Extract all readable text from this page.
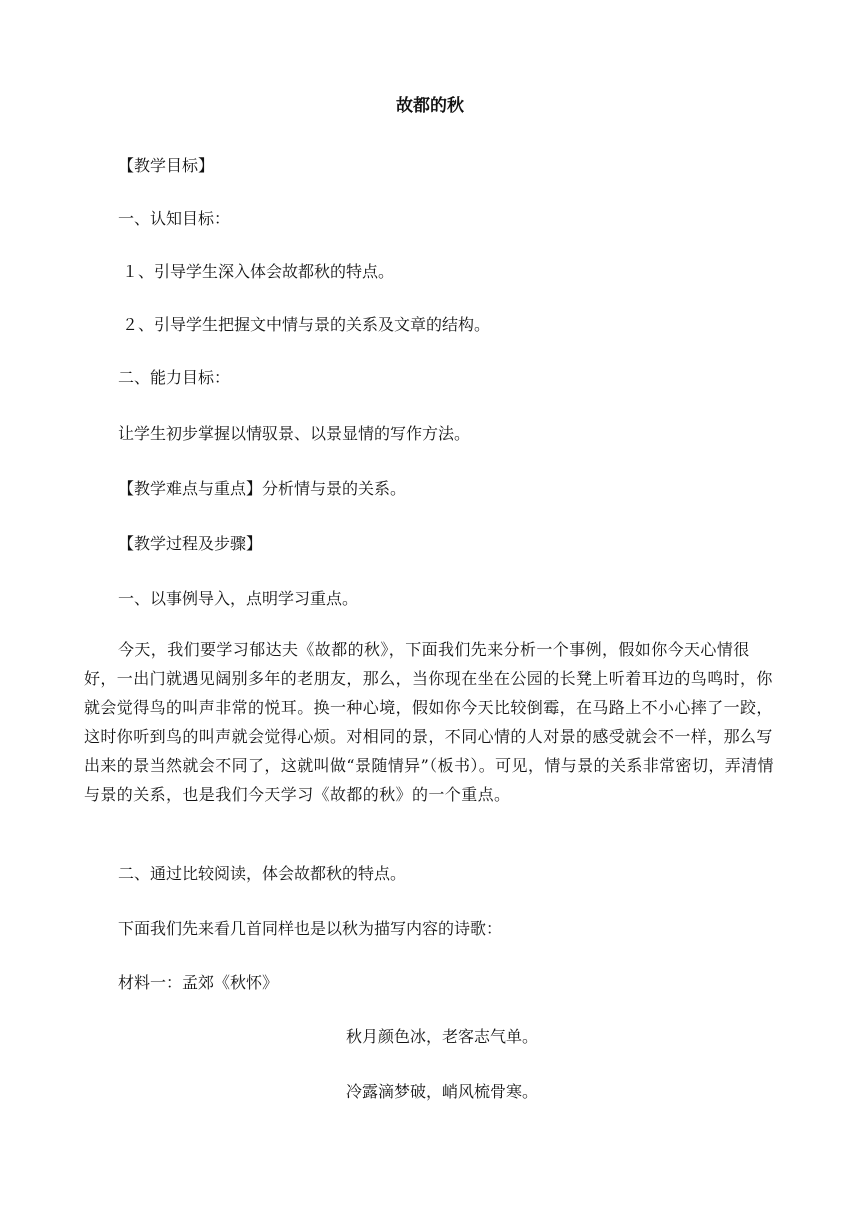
故都的秋
【教学目标】
一、认知目标：
１、引导学生深入体会故都秋的特点。
２、引导学生把握文中情与景的关系及文章的结构。
二、能力目标：
让学生初步掌握以情驭景、以景显情的写作方法。
【教学难点与重点】分析情与景的关系。
【教学过程及步骤】
一、以事例导入，点明学习重点。
今天，我们要学习郁达夫《故都的秋》，下面我们先来分析一个事例，假如你今天心情很好，一出门就遇见阔别多年的老朋友，那么，当你现在坐在公园的长凳上听着耳边的鸟鸣时，你就会觉得鸟的叫声非常的悦耳。换一种心境，假如你今天比较倒霉，在马路上不小心摔了一跤，这时你听到鸟的叫声就会觉得心烦。对相同的景，不同心情的人对景的感受就会不一样，那么写出来的景当然就会不同了，这就叫做“景随情异”（板书）。可见，情与景的关系非常密切，弄清情与景的关系，也是我们今天学习《故都的秋》的一个重点。
二、通过比较阅读，体会故都秋的特点。
下面我们先来看几首同样也是以秋为描写内容的诗歌：
材料一：孟郊《秋怀》
秋月颜色冰，老客志气单。
冷露滴梦破，峭风梳骨寒。
